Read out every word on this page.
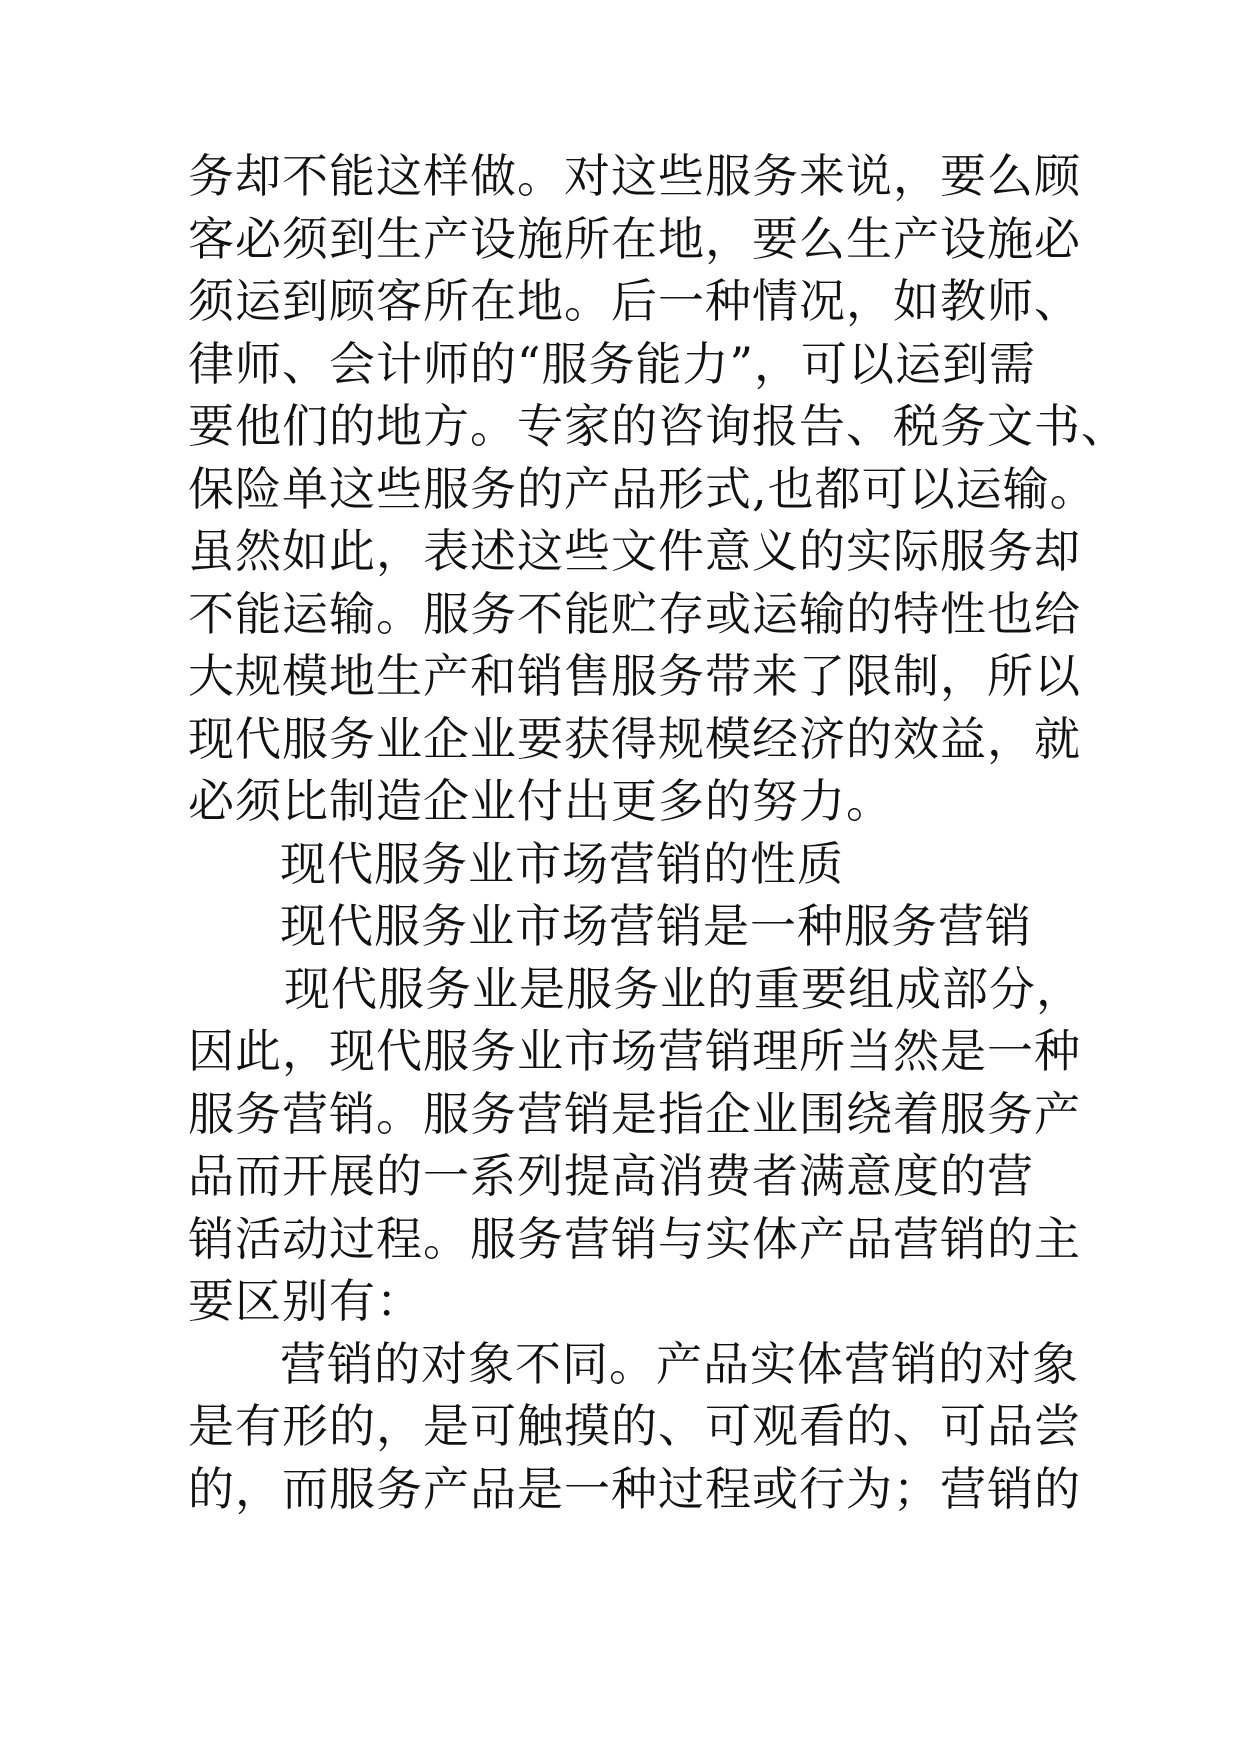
务却不能这样做。对这些服务来说，要么顾
客必须到生产设施所在地，要么生产设施必
须运到顾客所在地。后一种情况，如教师、
律师、会计师的“服务能力”，可以运到需
要他们的地方。专家的咨询报告、税务文书、
保险单这些服务的产品形式,也都可以运输。
虽然如此，表述这些文件意义的实际服务却
不能运输。服务不能贮存或运输的特性也给
大规模地生产和销售服务带来了限制，所以
现代服务业企业要获得规模经济的效益，就
必须比制造企业付出更多的努力。
现代服务业市场营销的性质
现代服务业市场营销是一种服务营销
现代服务业是服务业的重要组成部分，
因此，现代服务业市场营销理所当然是一种
服务营销。服务营销是指企业围绕着服务产
品而开展的一系列提高消费者满意度的营
销活动过程。服务营销与实体产品营销的主
要区别有：
营销的对象不同。产品实体营销的对象
是有形的，是可触摸的、可观看的、可品尝
的，而服务产品是一种过程或行为；营销的
